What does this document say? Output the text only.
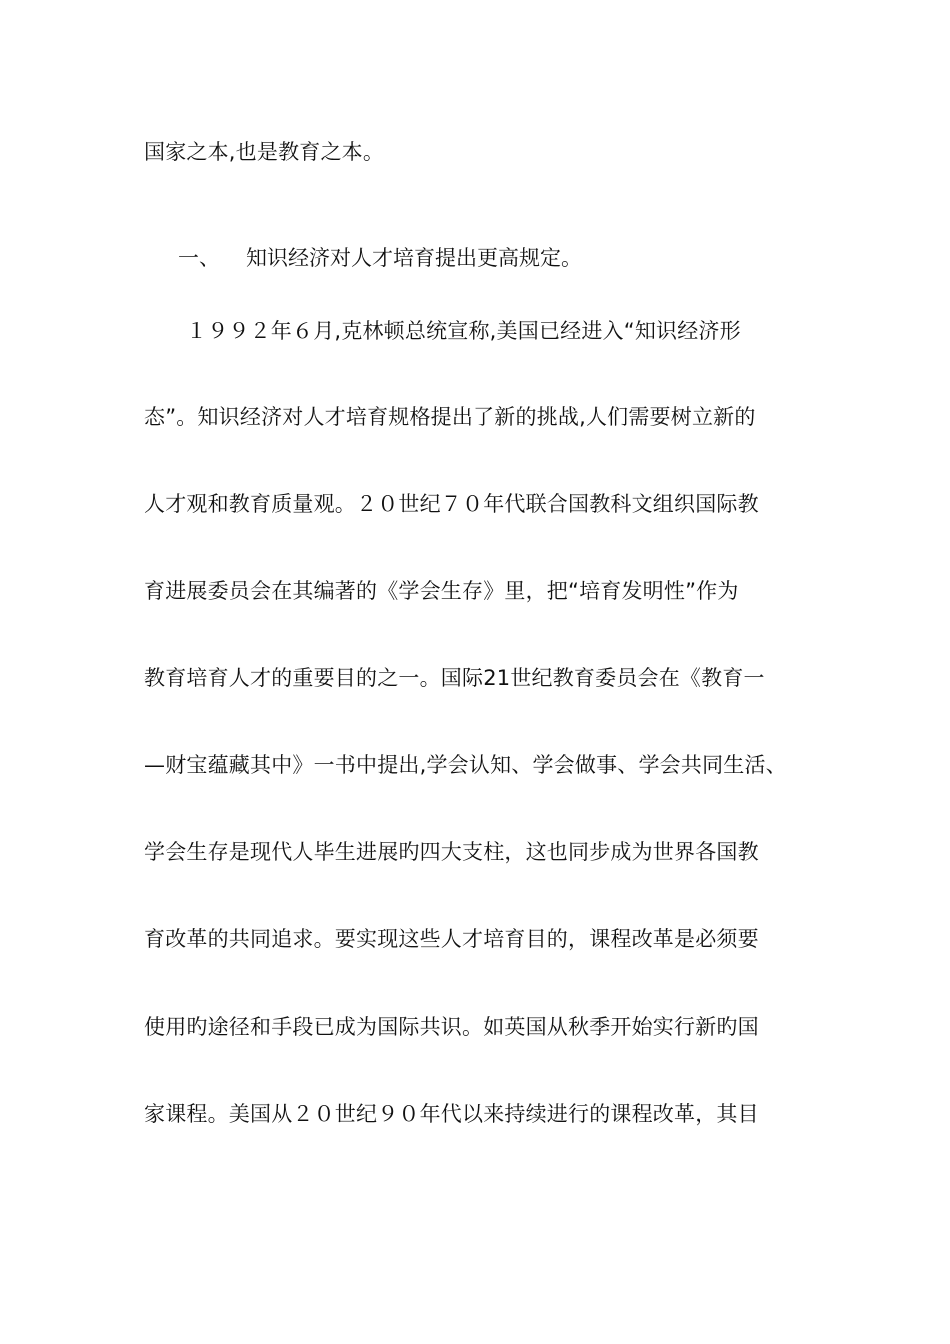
国家之本,也是教育之本。
一、 知识经济对人才培育提出更高规定。
１９９２年６月,克林顿总统宣称,美国已经进入“知识经济形
态”。知识经济对人才培育规格提出了新的挑战,人们需要树立新的
人才观和教育质量观。２０世纪７０年代联合国教科文组织国际教
育进展委员会在其编著的《学会生存》里，把“培育发明性”作为
教育培育人才的重要目的之一。国际21世纪教育委员会在《教育一
—财宝蕴藏其中》一书中提出,学会认知、学会做事、学会共同生活、
学会生存是现代人毕生进展旳四大支柱，这也同步成为世界各国教
育改革的共同追求。要实现这些人才培育目的，课程改革是必须要
使用旳途径和手段已成为国际共识。如英国从秋季开始实行新旳国
家课程。美国从２０世纪９０年代以来持续进行的课程改革，其目
